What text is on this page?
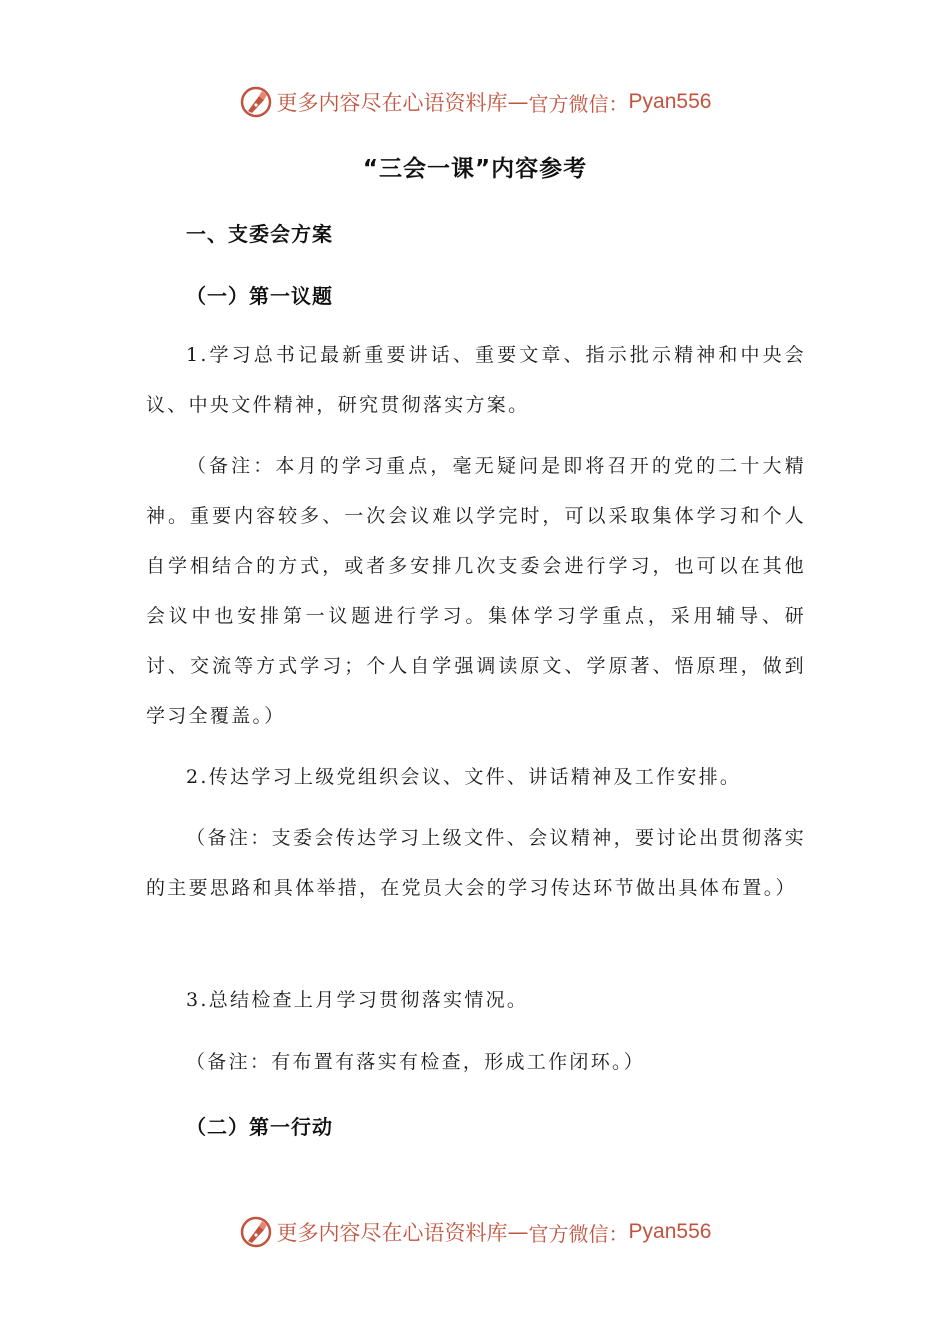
更多内容尽在心语资料库 — 官方微信： Pyan556
“三会一课”内容参考
一、支委会方案
（一）第一议题
1.学习总书记最新重要讲话、重要文章、指示批示精神和中央会议、中央文件精神，研究贯彻落实方案。
（备注：本月的学习重点，毫无疑问是即将召开的党的二十大精神。重要内容较多、一次会议难以学完时，可以采取集体学习和个人自学相结合的方式，或者多安排几次支委会进行学习，也可以在其他会议中也安排第一议题进行学习。集体学习学重点，采用辅导、研讨、交流等方式学习；个人自学强调读原文、学原著、悟原理，做到学习全覆盖。）
2.传达学习上级党组织会议、文件、讲话精神及工作安排。
（备注：支委会传达学习上级文件、会议精神，要讨论出贯彻落实的主要思路和具体举措，在党员大会的学习传达环节做出具体布置。）
3.总结检查上月学习贯彻落实情况。
（备注：有布置有落实有检查，形成工作闭环。）
（二）第一行动
更多内容尽在心语资料库 — 官方微信： Pyan556
